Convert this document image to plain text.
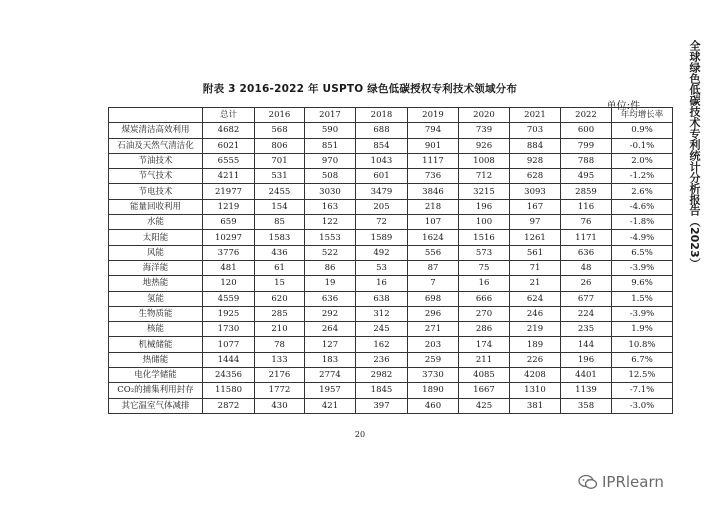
附表 3 2016-2022 年 USPTO 绿色低碳授权专利技术领域分布
单位:件
	总计	2016	2017	2018	2019	2020	2021	2022	年均增长率
煤炭清洁高效利用	4682	568	590	688	794	739	703	600	0.9%
石油及天然气清洁化	6021	806	851	854	901	926	884	799	-0.1%
节油技术	6555	701	970	1043	1117	1008	928	788	2.0%
节气技术	4211	531	508	601	736	712	628	495	-1.2%
节电技术	21977	2455	3030	3479	3846	3215	3093	2859	2.6%
能量回收利用	1219	154	163	205	218	196	167	116	-4.6%
水能	659	85	122	72	107	100	97	76	-1.8%
太阳能	10297	1583	1553	1589	1624	1516	1261	1171	-4.9%
风能	3776	436	522	492	556	573	561	636	6.5%
海洋能	481	61	86	53	87	75	71	48	-3.9%
地热能	120	15	19	16	7	16	21	26	9.6%
氢能	4559	620	636	638	698	666	624	677	1.5%
生物质能	1925	285	292	312	296	270	246	224	-3.9%
核能	1730	210	264	245	271	286	219	235	1.9%
机械储能	1077	78	127	162	203	174	189	144	10.8%
热储能	1444	133	183	236	259	211	226	196	6.7%
电化学储能	24356	2176	2774	2982	3730	4085	4208	4401	12.5%
CO₂的捕集利用封存	11580	1772	1957	1845	1890	1667	1310	1139	-7.1%
其它温室气体减排	2872	430	421	397	460	425	381	358	-3.0%
20
全球绿色低碳技术专利统计分析报告（2023）
IPRlearn
